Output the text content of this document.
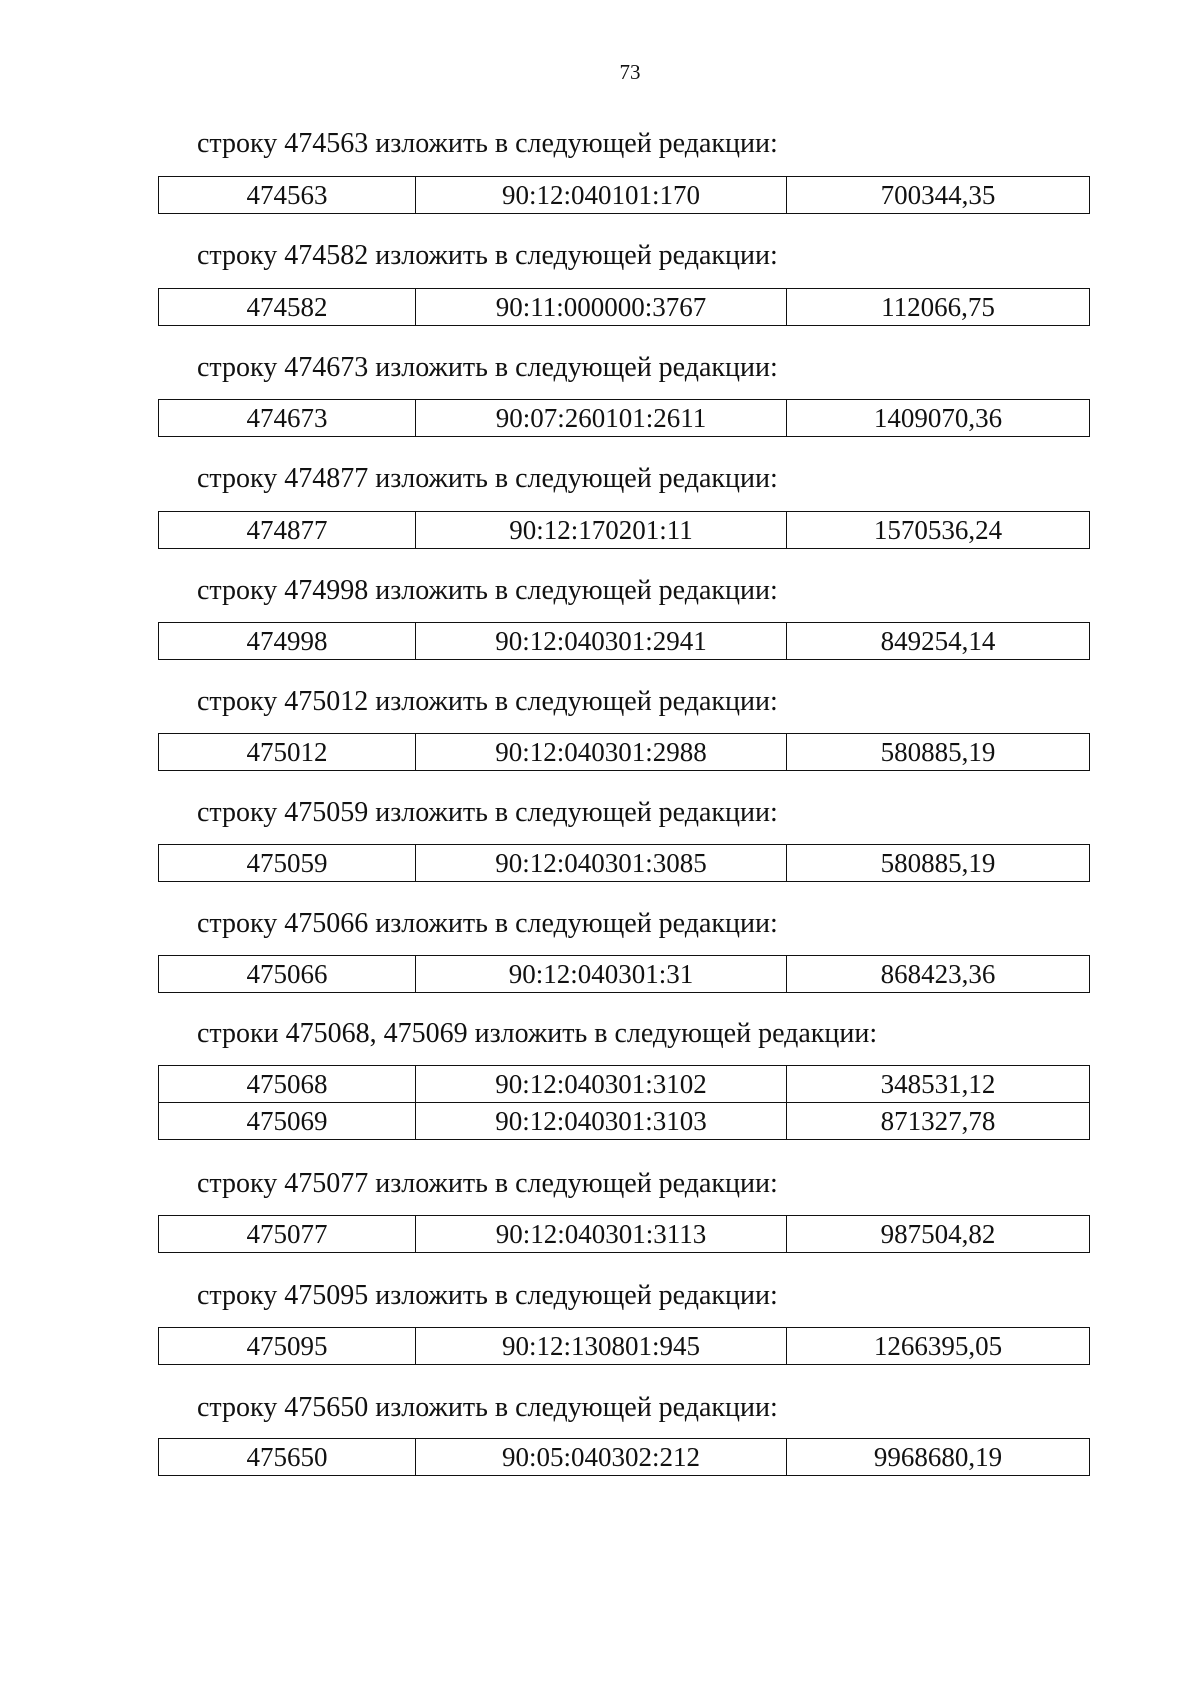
73
строку 474563 изложить в следующей редакции:
474563	90:12:040101:170	700344,35
строку 474582 изложить в следующей редакции:
474582	90:11:000000:3767	112066,75
строку 474673 изложить в следующей редакции:
474673	90:07:260101:2611	1409070,36
строку 474877 изложить в следующей редакции:
474877	90:12:170201:11	1570536,24
строку 474998 изложить в следующей редакции:
474998	90:12:040301:2941	849254,14
строку 475012 изложить в следующей редакции:
475012	90:12:040301:2988	580885,19
строку 475059 изложить в следующей редакции:
475059	90:12:040301:3085	580885,19
строку 475066 изложить в следующей редакции:
475066	90:12:040301:31	868423,36
строки 475068, 475069 изложить в следующей редакции:
475068	90:12:040301:3102	348531,12
475069	90:12:040301:3103	871327,78
строку 475077 изложить в следующей редакции:
475077	90:12:040301:3113	987504,82
строку 475095 изложить в следующей редакции:
475095	90:12:130801:945	1266395,05
строку 475650 изложить в следующей редакции:
475650	90:05:040302:212	9968680,19
